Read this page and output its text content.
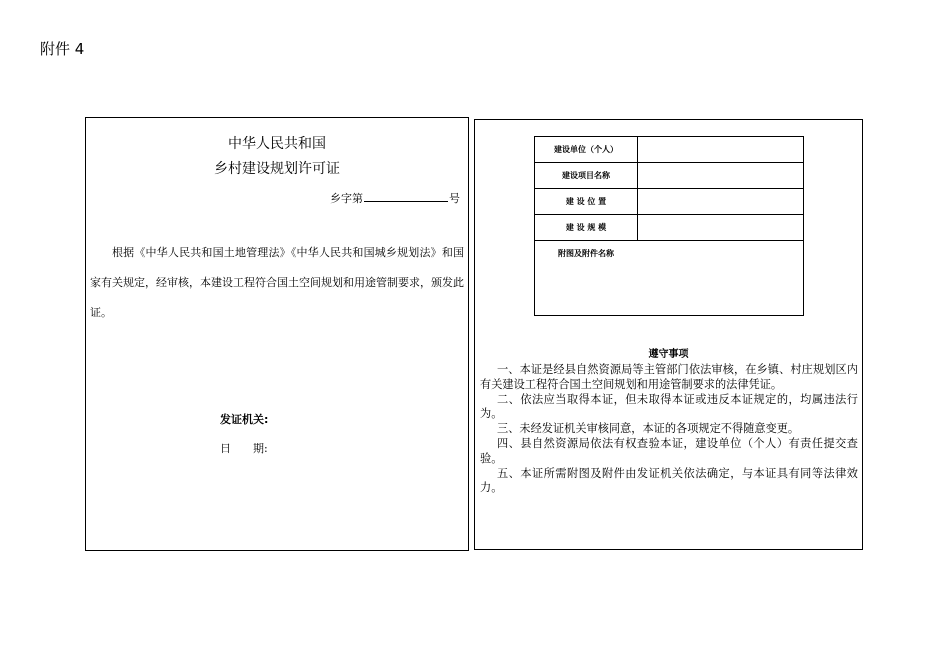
附件 4
中华人民共和国
乡村建设规划许可证
乡字第	号

根据《中华人民共和国土地管理法》《中华人民共和国城乡规划法》和国家有关规定，经审核，本建设工程符合国土空间规划和用途管制要求，颁发此证。

发证机关:
日　　期:
建设单位（个人）	
建设项目名称	
建 设 位 置	
建 设 规 模	
附图及附件名称	
遵守事项

一、本证是经县自然资源局等主管部门依法审核，在乡镇、村庄规划区内有关建设工程符合国土空间规划和用途管制要求的法律凭证。

二、依法应当取得本证，但未取得本证或违反本证规定的，均属违法行为。

三、未经发证机关审核同意，本证的各项规定不得随意变更。

四、县自然资源局依法有权查验本证，建设单位（个人）有责任提交查验。

五、本证所需附图及附件由发证机关依法确定，与本证具有同等法律效力。
